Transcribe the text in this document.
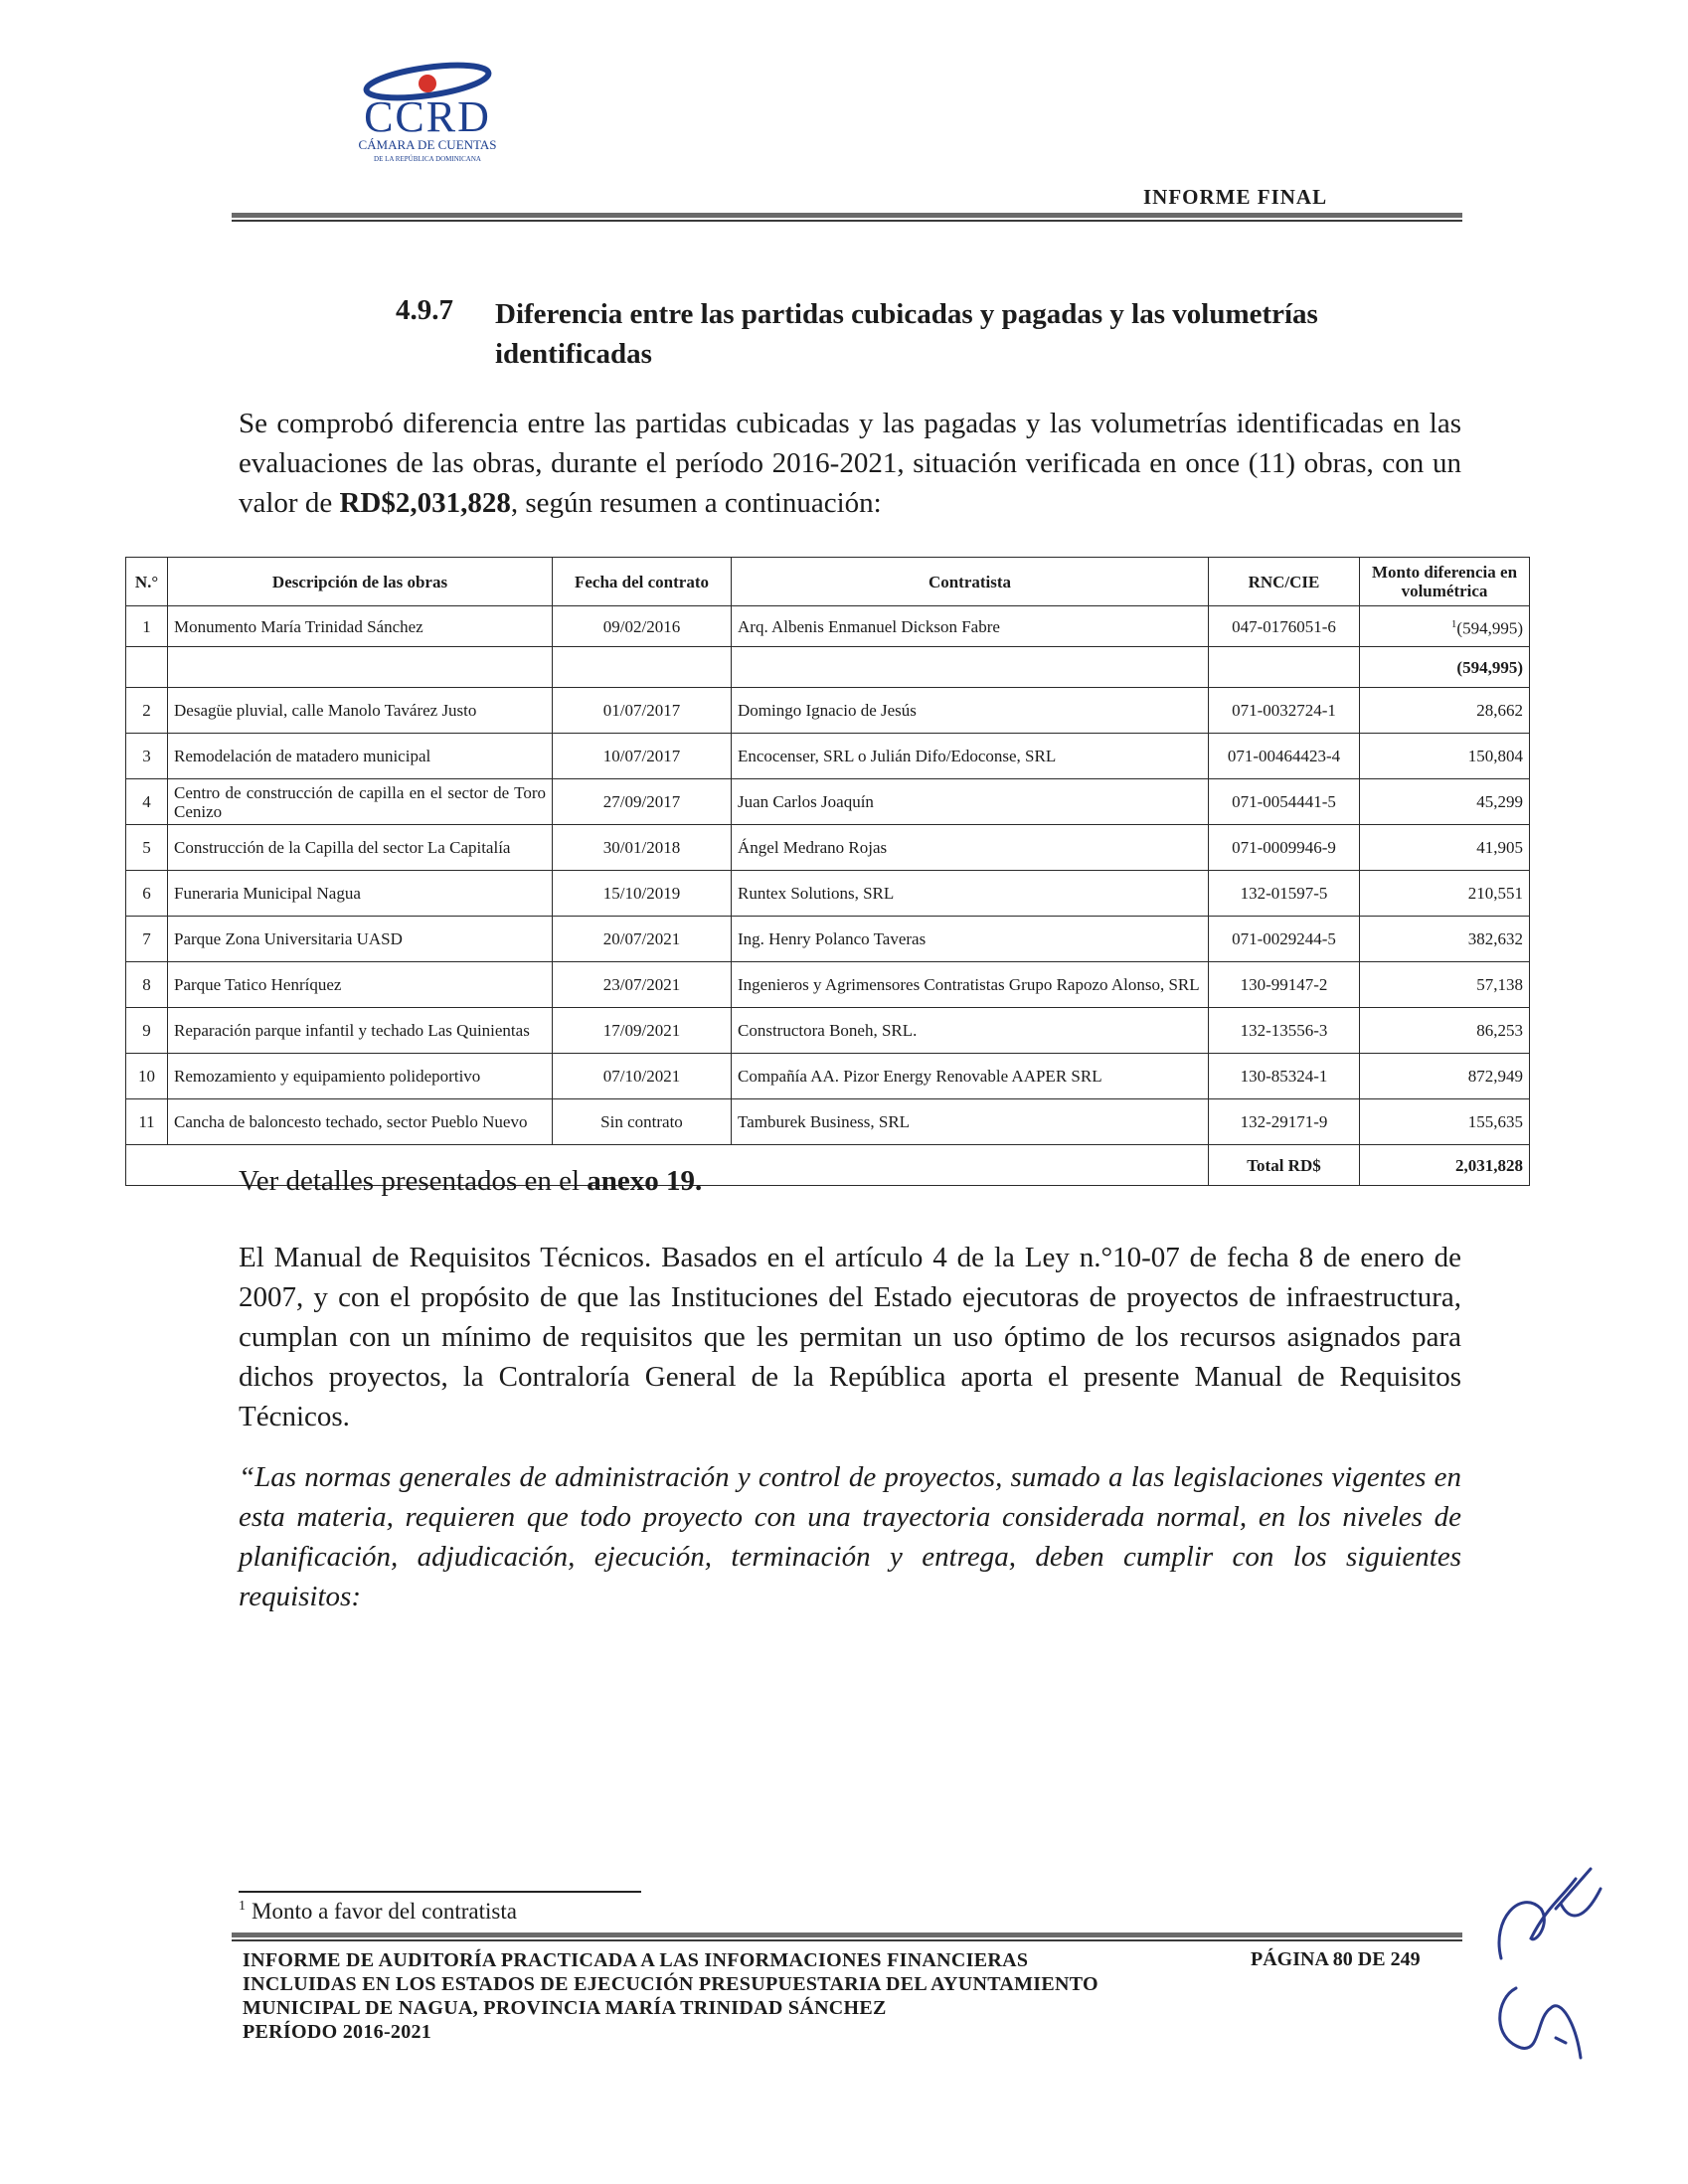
CCRD
CÁMARA DE CUENTAS
DE LA REPÚBLICA DOMINICANA
INFORME FINAL
4.9.7 Diferencia entre las partidas cubicadas y pagadas y las volumetrías identificadas
Se comprobó diferencia entre las partidas cubicadas y las pagadas y las volumetrías identificadas en las evaluaciones de las obras, durante el período 2016-2021, situación verificada en once (11) obras, con un valor de RD$2,031,828, según resumen a continuación:
N.°	Descripción de las obras	Fecha del contrato	Contratista	RNC/CIE	Monto diferencia en volumétrica
1	Monumento María Trinidad Sánchez	09/02/2016	Arq. Albenis Enmanuel Dickson Fabre	047-0176051-6	$^1$(594,995)
					(594,995)
2	Desagüe pluvial, calle Manolo Tavárez Justo	01/07/2017	Domingo Ignacio de Jesús	071-0032724-1	28,662
3	Remodelación de matadero municipal	10/07/2017	Encocenser, SRL o Julián Difo/Edoconse, SRL	071-00464423-4	150,804
4	Centro de construcción de capilla en el sector de Toro Cenizo	27/09/2017	Juan Carlos Joaquín	071-0054441-5	45,299
5	Construcción de la Capilla del sector La Capitalía	30/01/2018	Ángel Medrano Rojas	071-0009946-9	41,905
6	Funeraria Municipal Nagua	15/10/2019	Runtex Solutions, SRL	132-01597-5	210,551
7	Parque Zona Universitaria UASD	20/07/2021	Ing. Henry Polanco Taveras	071-0029244-5	382,632
8	Parque Tatico Henríquez	23/07/2021	Ingenieros y Agrimensores Contratistas Grupo Rapozo Alonso, SRL	130-99147-2	57,138
9	Reparación parque infantil y techado Las Quinientas	17/09/2021	Constructora Boneh, SRL.	132-13556-3	86,253
10	Remozamiento y equipamiento polideportivo	07/10/2021	Compañía AA. Pizor Energy Renovable AAPER SRL	130-85324-1	872,949
11	Cancha de baloncesto techado, sector Pueblo Nuevo	Sin contrato	Tamburek Business, SRL	132-29171-9	155,635
				Total RD$	2,031,828
Ver detalles presentados en el anexo 19.
El Manual de Requisitos Técnicos. Basados en el artículo 4 de la Ley n.°10-07 de fecha 8 de enero de 2007, y con el propósito de que las Instituciones del Estado ejecutoras de proyectos de infraestructura, cumplan con un mínimo de requisitos que les permitan un uso óptimo de los recursos asignados para dichos proyectos, la Contraloría General de la República aporta el presente Manual de Requisitos Técnicos.
“Las normas generales de administración y control de proyectos, sumado a las legislaciones vigentes en esta materia, requieren que todo proyecto con una trayectoria considerada normal, en los niveles de planificación, adjudicación, ejecución, terminación y entrega, deben cumplir con los siguientes requisitos:
$^1$ Monto a favor del contratista
INFORME DE AUDITORÍA PRACTICADA A LAS INFORMACIONES FINANCIERAS
INCLUIDAS EN LOS ESTADOS DE EJECUCIÓN PRESUPUESTARIA DEL AYUNTAMIENTO
MUNICIPAL DE NAGUA, PROVINCIA MARÍA TRINIDAD SÁNCHEZ
PERÍODO 2016-2021
PÁGINA 80 DE 249
